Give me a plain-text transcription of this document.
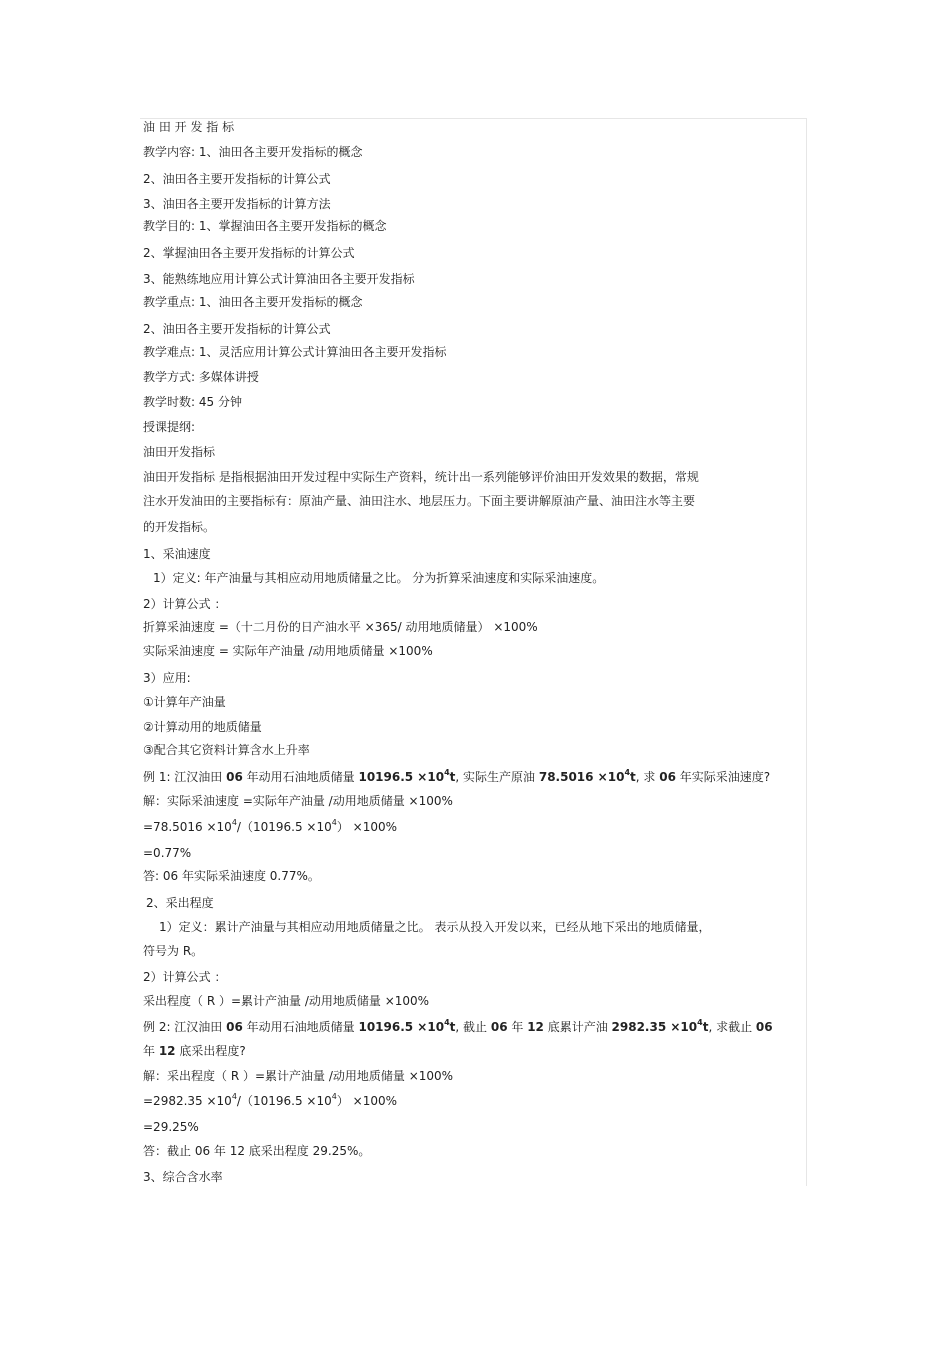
油 田 开 发 指 标
教学内容: 1、油田各主要开发指标的概念
2、油田各主要开发指标的计算公式
3、油田各主要开发指标的计算方法
教学目的: 1、掌握油田各主要开发指标的概念
2、掌握油田各主要开发指标的计算公式
3、能熟练地应用计算公式计算油田各主要开发指标
教学重点: 1、油田各主要开发指标的概念
2、油田各主要开发指标的计算公式
教学难点: 1、灵活应用计算公式计算油田各主要开发指标
教学方式: 多媒体讲授
教学时数: 45 分钟
授课提纲:
油田开发指标
油田开发指标 是指根据油田开发过程中实际生产资料，统计出一系列能够评价油田开发效果的数据，常规
注水开发油田的主要指标有：原油产量、油田注水、地层压力。下面主要讲解原油产量、油田注水等主要
的开发指标。
1、采油速度
1）定义: 年产油量与其相应动用地质储量之比。 分为折算采油速度和实际采油速度。
2）计算公式 ：
折算采油速度 =（十二月份的日产油水平 ×365/ 动用地质储量） ×100%
实际采油速度 = 实际年产油量 /动用地质储量 ×100%
3）应用:
①计算年产油量
②计算动用的地质储量
③配合其它资料计算含水上升率
例 1: 江汉油田 06 年动用石油地质储量 $10196.5 \times 10^4t$, 实际生产原油 $78.5016 \times 10^4t$, 求 06 年实际采油速度?
解：实际采油速度 =实际年产油量 /动用地质储量 ×100%
$=78.5016 \times 10^4/(10196.5 \times 10^4) \times 100\%$
=0.77%
答: 06 年实际采油速度 0.77%。
2、采出程度
1）定义：累计产油量与其相应动用地质储量之比。 表示从投入开发以来，已经从地下采出的地质储量，
符号为 R。
2）计算公式 ：
采出程度（ R ）=累计产油量 /动用地质储量 ×100%
例 2: 江汉油田 06 年动用石油地质储量 $10196.5 \times 10^4t$, 截止 06 年 12 底累计产油 $2982.35 \times 10^4t$, 求截止 06
年 12 底采出程度?
解：采出程度（ R ）=累计产油量 /动用地质储量 ×100%
$=2982.35 \times 10^4/(10196.5 \times 10^4) \times 100\%$
=29.25%
答：截止 06 年 12 底采出程度 29.25%。
3、综合含水率
